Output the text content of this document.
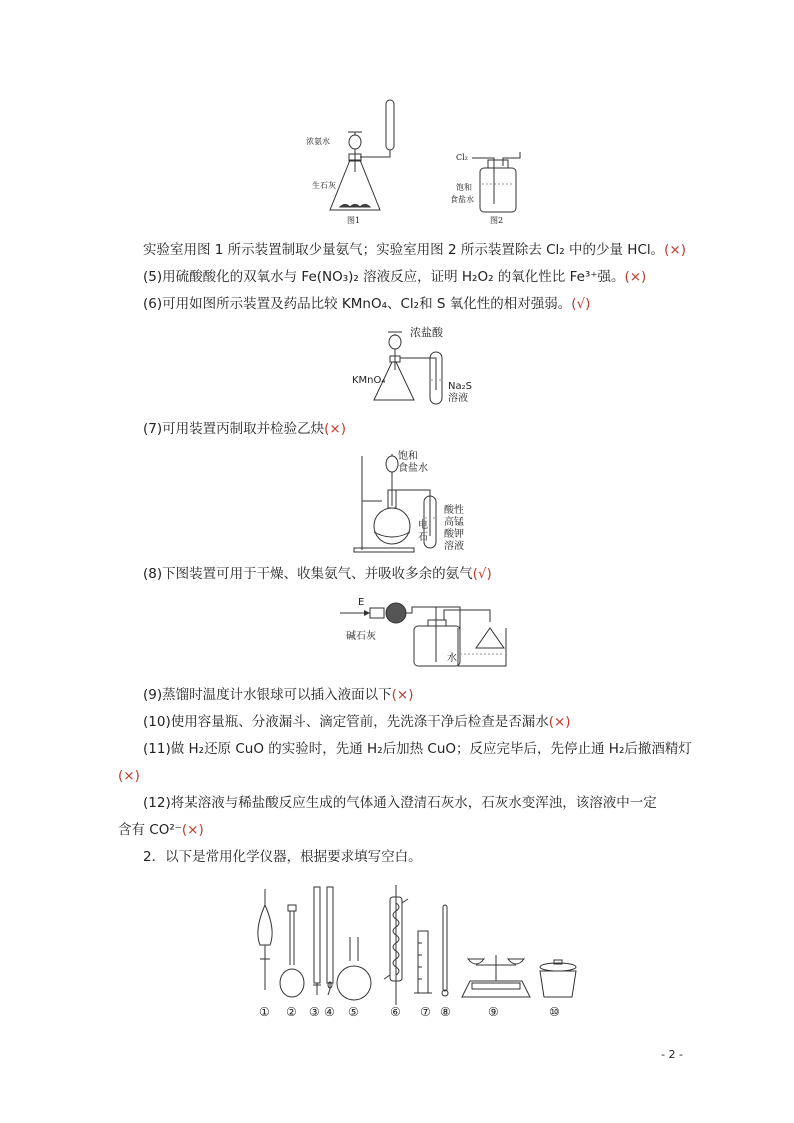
浓氨水
生石灰
图1
Cl₂
饱和
食盐水
图2
实验室用图 1 所示装置制取少量氨气；实验室用图 2 所示装置除去 Cl₂ 中的少量 HCl。(×)
(5)用硫酸酸化的双氧水与 Fe(NO₃)₂ 溶液反应，证明 H₂O₂ 的氧化性比 Fe³⁺强。(×)
(6)可用如图所示装置及药品比较 KMnO₄、Cl₂和 S 氧化性的相对强弱。(√)
浓盐酸
KMnO₄
Na₂S
溶液
(7)可用装置丙制取并检验乙炔(×)
饱和
食盐水
电
石
酸性
高锰
酸钾
溶液
(8)下图装置可用于干燥、收集氨气、并吸收多余的氨气(√)
E
碱石灰
水
(9)蒸馏时温度计水银球可以插入液面以下(×)
(10)使用容量瓶、分液漏斗、滴定管前，先洗涤干净后检查是否漏水(×)
(11)做 H₂还原 CuO 的实验时，先通 H₂后加热 CuO；反应完毕后，先停止通 H₂后撤酒精灯
(×)
(12)将某溶液与稀盐酸反应生成的气体通入澄清石灰水，石灰水变浑浊，该溶液中一定
含有 CO²⁻(×)
2．以下是常用化学仪器，根据要求填写空白。
① ② ③ ④ ⑤	⑥ ⑦ ⑧	⑨	⑩
- 2 -
